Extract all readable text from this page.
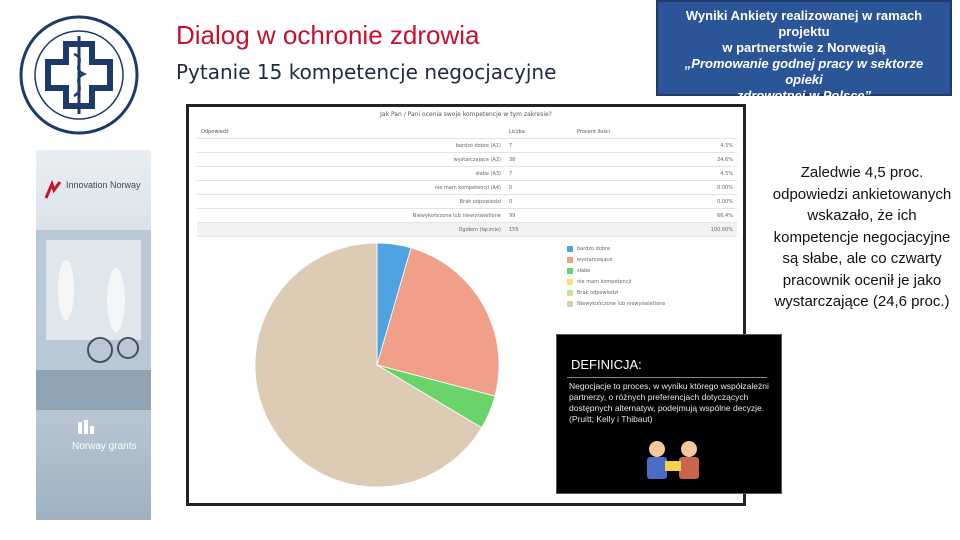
Dialog w ochronie zdrowia
Pytanie 15 kompetencje negocjacyjne
Wyniki Ankiety realizowanej w ramach projektu
w partnerstwie z Norwegią
„Promowanie godnej pracy w sektorze opieki
zdrowotnej w Polsce”
Innovation Norway
Norway grants
Jak Pan / Pani ocenia swoje kompetencje w tym zakresie?
Odpowiedź	Liczba	Procent ilości
bardzo dobre (A1)	7	4.5%
wystarczające (A2)	38	24.6%
słabe (A3)	7	4.5%
nie mam kompetencji (A4)	0	0.00%
Brak odpowiedzi	0	0.00%
Niewykończone lub niewyświetlone	99	66.4%
Ogółem (łącznie)	155	100.00%
bardzo dobre
wystarczające
słabe
nie mam kompetencji
Brak odpowiedzi
Niewykończone lub niewyświetlone
DEFINICJA:
Negocjacje to proces, w wyniku którego współzależni partnerzy, o różnych preferencjach dotyczących dostępnych alternatyw, podejmują wspólne decyzje. (Pruitt; Kelly i Thibaut)
Zaledwie 4,5 proc. odpowiedzi ankietowanych wskazało, że ich kompetencje negocjacyjne są słabe, ale co czwarty pracownik ocenił je jako wystarczające (24,6 proc.)
